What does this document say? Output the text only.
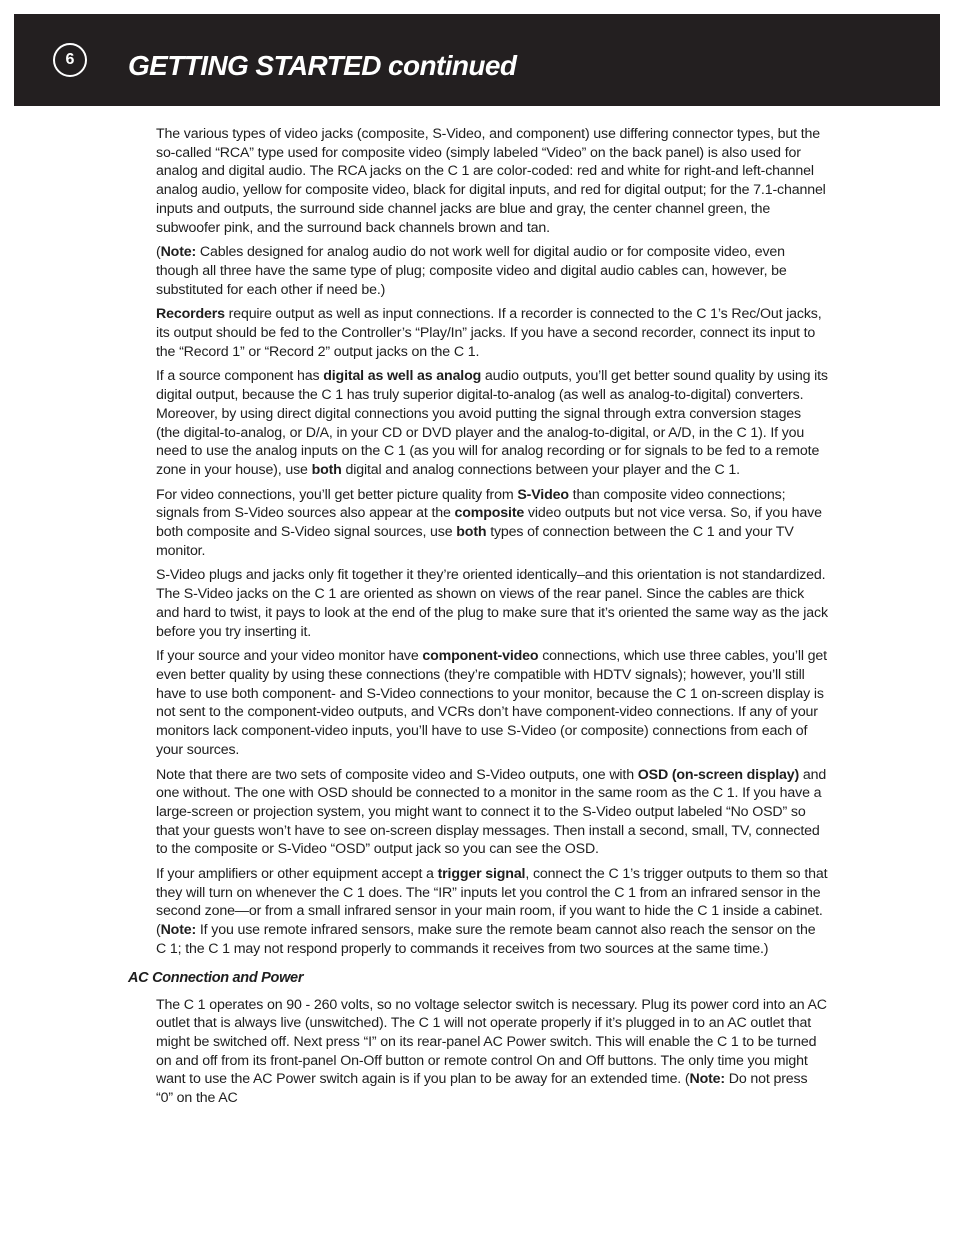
6	GETTING STARTED continued

The various types of video jacks (composite, S-Video, and component) use differing connector types, but the so-called “RCA” type used for composite video (simply labeled “Video” on the back panel) is also used for analog and digital audio. The RCA jacks on the C 1 are color-coded: red and white for right-and left-channel analog audio, yellow for composite video, black for digital inputs, and red for digital output; for the 7.1-channel inputs and outputs, the surround side channel jacks are blue and gray, the center channel green, the subwoofer pink, and the surround back channels brown and tan.

(Note: Cables designed for analog audio do not work well for digital audio or for composite video, even though all three have the same type of plug; composite video and digital audio cables can, however, be substituted for each other if need be.)

Recorders require output as well as input connections. If a recorder is connected to the C 1’s Rec/Out jacks, its output should be fed to the Controller’s “Play/In” jacks. If you have a second recorder, connect its input to the “Record 1” or “Record 2” output jacks on the C 1.

If a source component has digital as well as analog audio outputs, you’ll get better sound quality by using its digital output, because the C 1 has truly superior digital-to-analog (as well as analog-to-digital) converters. Moreover, by using direct digital connections you avoid putting the signal through extra conversion stages (the digital-to-analog, or D/A, in your CD or DVD player and the analog-to-digital, or A/D, in the C 1). If you need to use the analog inputs on the C 1 (as you will for analog recording or for signals to be fed to a remote zone in your house), use both digital and analog connections between your player and the C 1.

For video connections, you’ll get better picture quality from S-Video than composite video connections; signals from S-Video sources also appear at the composite video outputs but not vice versa. So, if you have both composite and S-Video signal sources, use both types of connection between the C 1 and your TV monitor.

S-Video plugs and jacks only fit together it they’re oriented identically–and this orientation is not standardized. The S-Video jacks on the C 1 are oriented as shown on views of the rear panel. Since the cables are thick and hard to twist, it pays to look at the end of the plug to make sure that it’s oriented the same way as the jack before you try inserting it.

If your source and your video monitor have component-video connections, which use three cables, you’ll get even better quality by using these connections (they’re compatible with HDTV signals); however, you’ll still have to use both component- and S-Video connections to your monitor, because the C 1 on-screen display is not sent to the component-video outputs, and VCRs don’t have component-video connections. If any of your monitors lack component-video inputs, you’ll have to use S-Video (or composite) connections from each of your sources.

Note that there are two sets of composite video and S-Video outputs, one with OSD (on-screen display) and one without. The one with OSD should be connected to a monitor in the same room as the C 1. If you have a large-screen or projection system, you might want to connect it to the S-Video output labeled “No OSD” so that your guests won’t have to see on-screen display messages. Then install a second, small, TV, connected to the composite or S-Video “OSD” output jack so you can see the OSD.

If your amplifiers or other equipment accept a trigger signal, connect the C 1’s trigger outputs to them so that they will turn on whenever the C 1 does. The “IR” inputs let you control the C 1 from an infrared sensor in the second zone—or from a small infrared sensor in your main room, if you want to hide the C 1 inside a cabinet. (Note: If you use remote infrared sensors, make sure the remote beam cannot also reach the sensor on the C 1; the C 1 may not respond properly to commands it receives from two sources at the same time.)

AC Connection and Power

The C 1 operates on 90 - 260 volts, so no voltage selector switch is necessary. Plug its power cord into an AC outlet that is always live (unswitched). The C 1 will not operate properly if it’s plugged in to an AC outlet that might be switched off. Next press “I” on its rear-panel AC Power switch. This will enable the C 1 to be turned on and off from its front-panel On-Off button or remote control On and Off buttons. The only time you might want to use the AC Power switch again is if you plan to be away for an extended time. (Note: Do not press “0” on the AC
